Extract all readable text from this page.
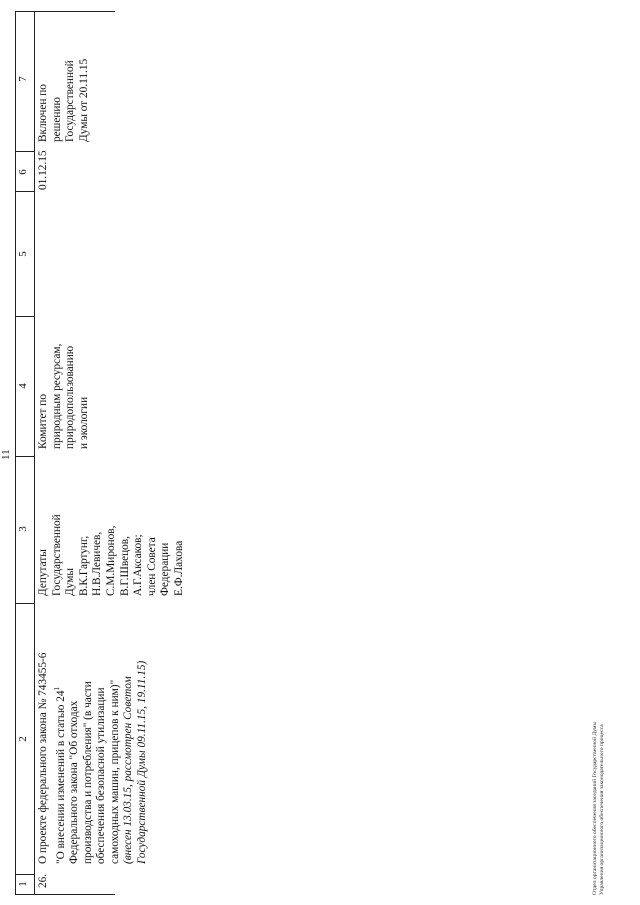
11
1
2
3
4
5
6
7
26.
О проекте федерального закона № 743455-6 "О внесении изменений в статью $24^1$
Федерального закона "Об отходах производства и потребления" (в части обеспечения безопасной утилизации самоходных машин, прицепов к ним)" (внесен 13.03.15, рассмотрен Советом Государственной Думы 09.11.15, 19.11.15)
Депутаты Государственной Думы В.К.Гартунг, Н.В.Левичев, С.М.Миронов, В.Г.Швецов, А.Г.Аксаков; член Совета Федерации Е.Ф.Лахова
Комитет по природным ресурсам, природопользованию и экологии
01.12.15
Включен по решению Государственной Думы от 20.11.15
Отдел организационного обеспечения заседаний Государственной Думы Управления организационного обеспечения законодательного процесса
